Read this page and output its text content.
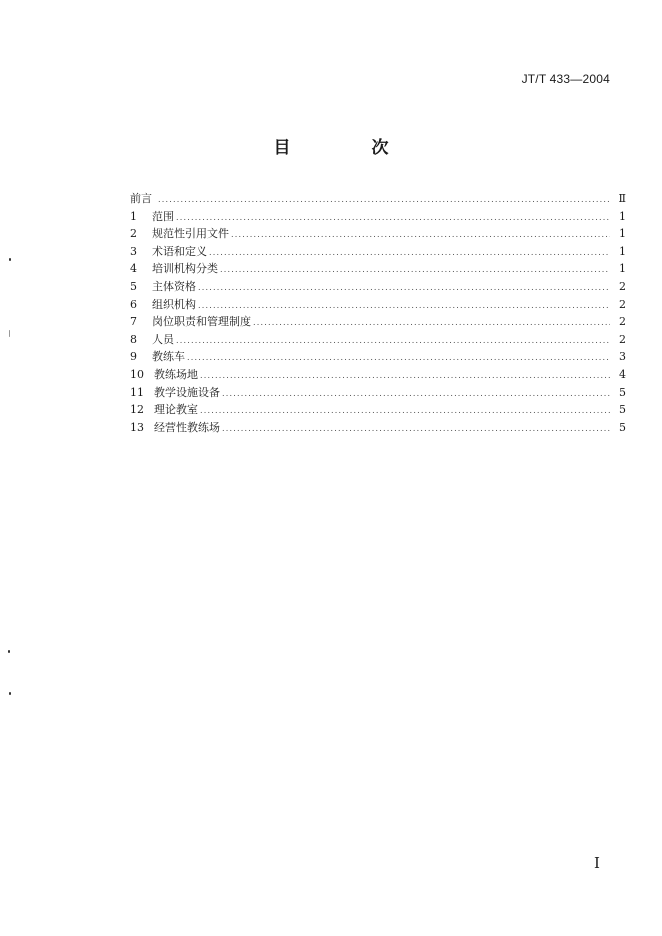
JT/T 433—2004
目　次
前言 .....	Ⅱ
1	范围 .....	1
2	规范性引用文件 .....	1
3	术语和定义 .....	1
4	培训机构分类 .....	1
5	主体资格 .....	2
6	组织机构 .....	2
7	岗位职责和管理制度 .....	2
8	人员 .....	2
9	教练车 .....	3
10 教练场地 .....	4
11 教学设施设备 .....	5
12 理论教室 .....	5
13 经营性教练场 .....	5
Ⅰ
